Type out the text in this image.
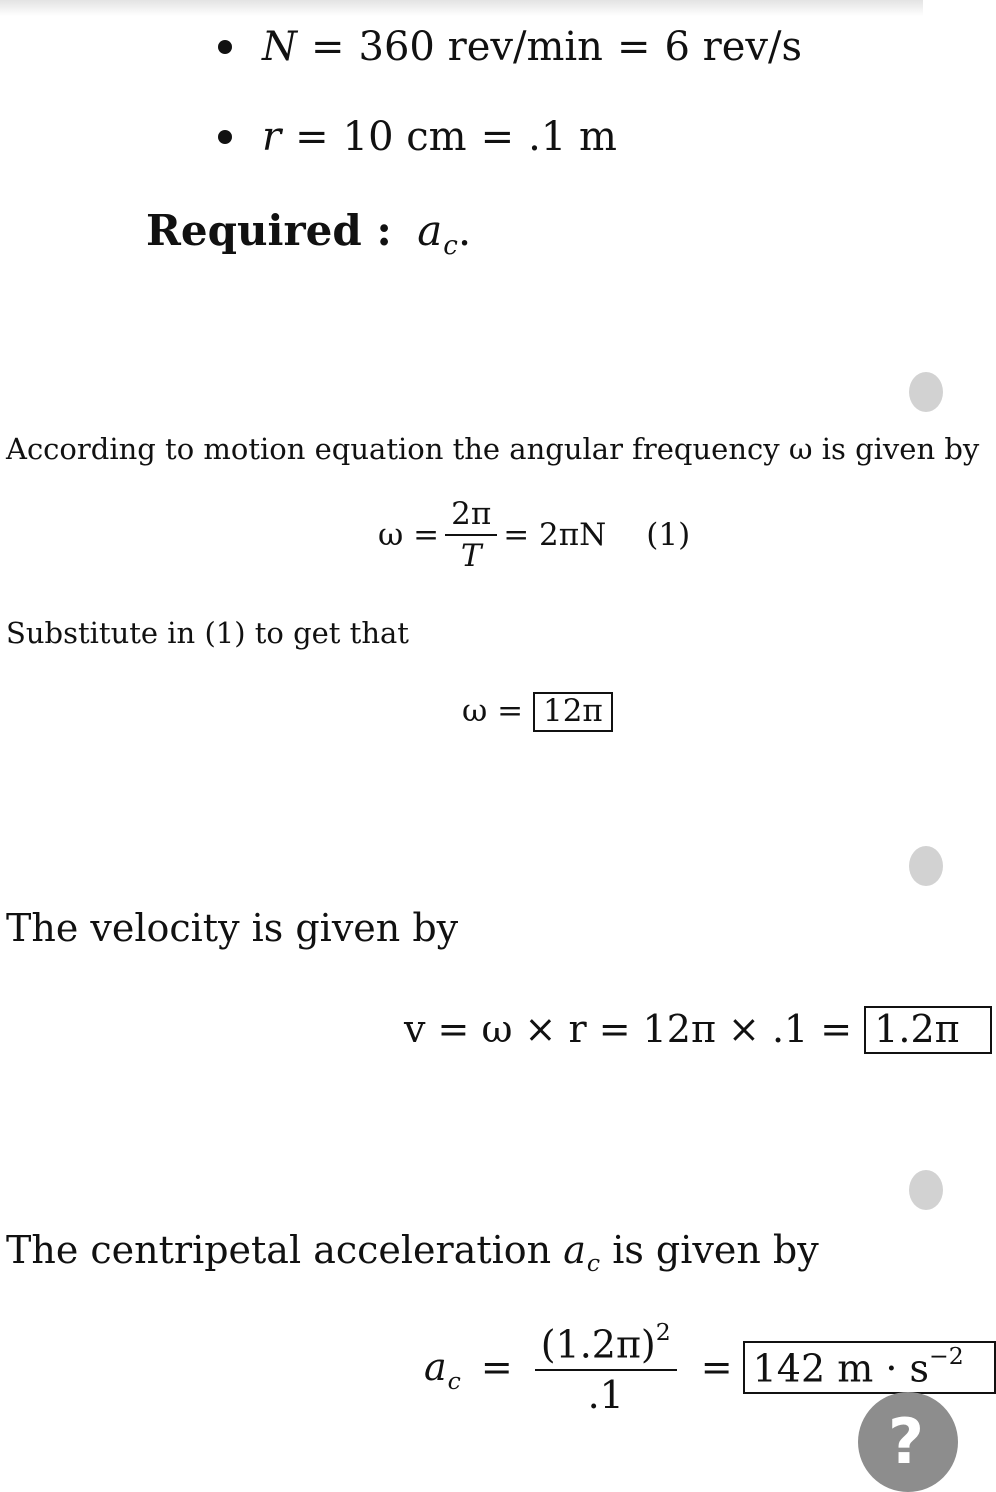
N = 360 rev/min = 6 rev/s
r = 10 cm = .1 m
Required : $a_c$.
According to motion equation the angular frequency ω is given by
$\omega = \frac{2\pi}{T} = 2\pi N$ (1)
Substitute in (1) to get that
ω = 12π
The velocity is given by
v = ω × r = 12π × .1 = 1.2π
The centripetal acceleration $a_c$ is given by
a $c = \frac{(1.2\pi)^2}{.1} = 142$ $m \cdot s^{-2}$
?
